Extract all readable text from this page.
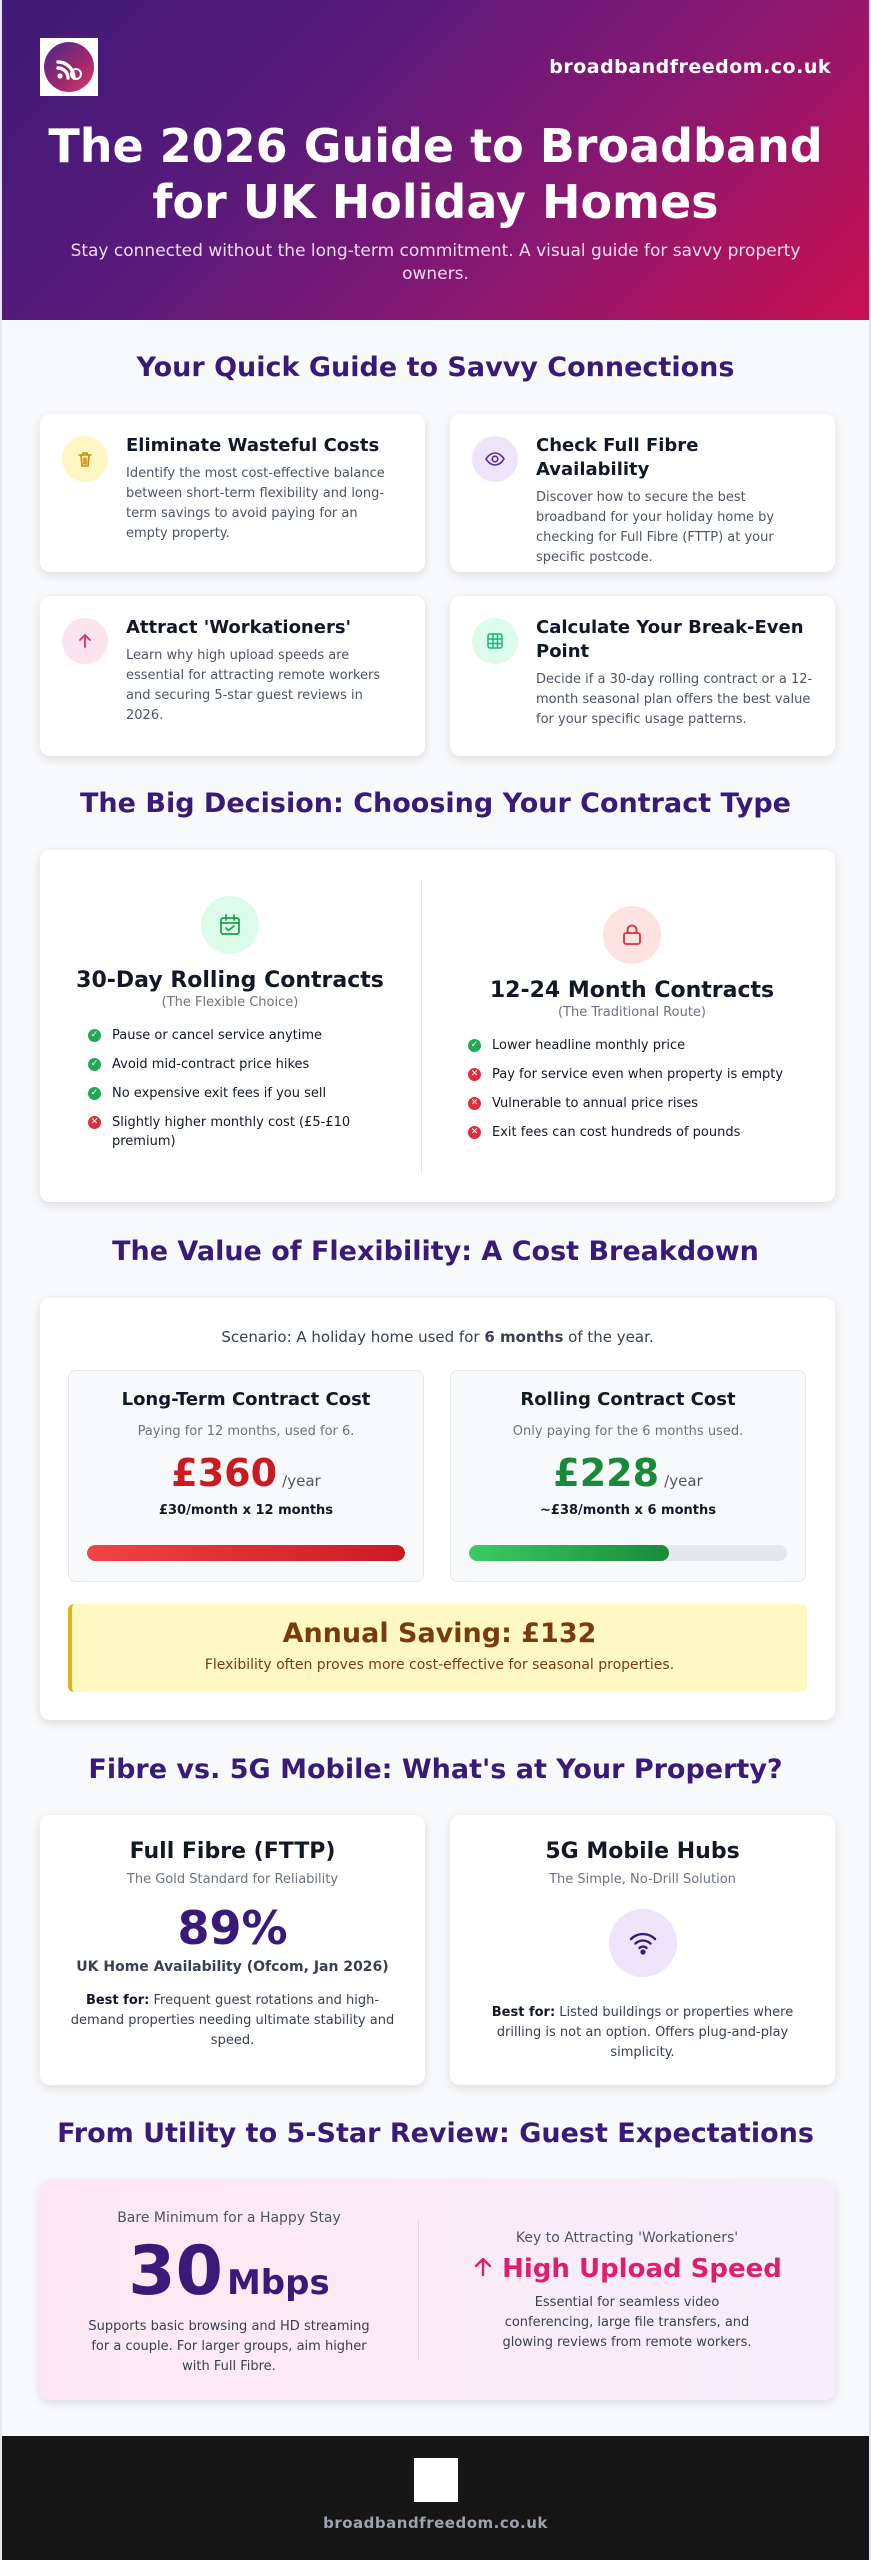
broadbandfreedom.co.uk
The 2026 Guide to Broadband for UK Holiday Homes

Stay connected without the long-term commitment. A visual guide for savvy property owners.

Your Quick Guide to Savvy Connections
Eliminate Wasteful Costs

Identify the most cost-effective balance between short-term flexibility and long-term savings to avoid paying for an empty property.

Check Full Fibre Availability

Discover how to secure the best broadband for your holiday home by checking for Full Fibre (FTTP) at your specific postcode.

Attract 'Workationers'

Learn why high upload speeds are essential for attracting remote workers and securing 5-star guest reviews in 2026.

Calculate Your Break-Even Point

Decide if a 30-day rolling contract or a 12-month seasonal plan offers the best value for your specific usage patterns.

The Big Decision: Choosing Your Contract Type
30-Day Rolling Contracts
(The Flexible Choice)
✓ Pause or cancel service anytime
✓ Avoid mid-contract price hikes
✓ No expensive exit fees if you sell
✕ Slightly higher monthly cost (£5-£10 premium)
12-24 Month Contracts
(The Traditional Route)
✓ Lower headline monthly price
✕ Pay for service even when property is empty
✕ Vulnerable to annual price rises
✕ Exit fees can cost hundreds of pounds
The Value of Flexibility: A Cost Breakdown
Scenario: A holiday home used for 6 months of the year.
Long-Term Contract Cost
Paying for 12 months, used for 6.
£360 /year
£30/month x 12 months
Rolling Contract Cost
Only paying for the 6 months used.
£228 /year
~£38/month x 6 months
Annual Saving: £132

Flexibility often proves more cost-effective for seasonal properties.

Fibre vs. 5G Mobile: What's at Your Property?
Full Fibre (FTTP)
The Gold Standard for Reliability
89%
UK Home Availability (Ofcom, Jan 2026)

Best for: Frequent guest rotations and high-demand properties needing ultimate stability and speed.

5G Mobile Hubs
The Simple, No-Drill Solution

Best for: Listed buildings or properties where drilling is not an option. Offers plug-and-play simplicity.

From Utility to 5-Star Review: Guest Expectations
Bare Minimum for a Happy Stay
30 Mbps

Supports basic browsing and HD streaming for a couple. For larger groups, aim higher with Full Fibre.

Key to Attracting 'Workationers'
High Upload Speed

Essential for seamless video conferencing, large file transfers, and glowing reviews from remote workers.

broadbandfreedom.co.uk
